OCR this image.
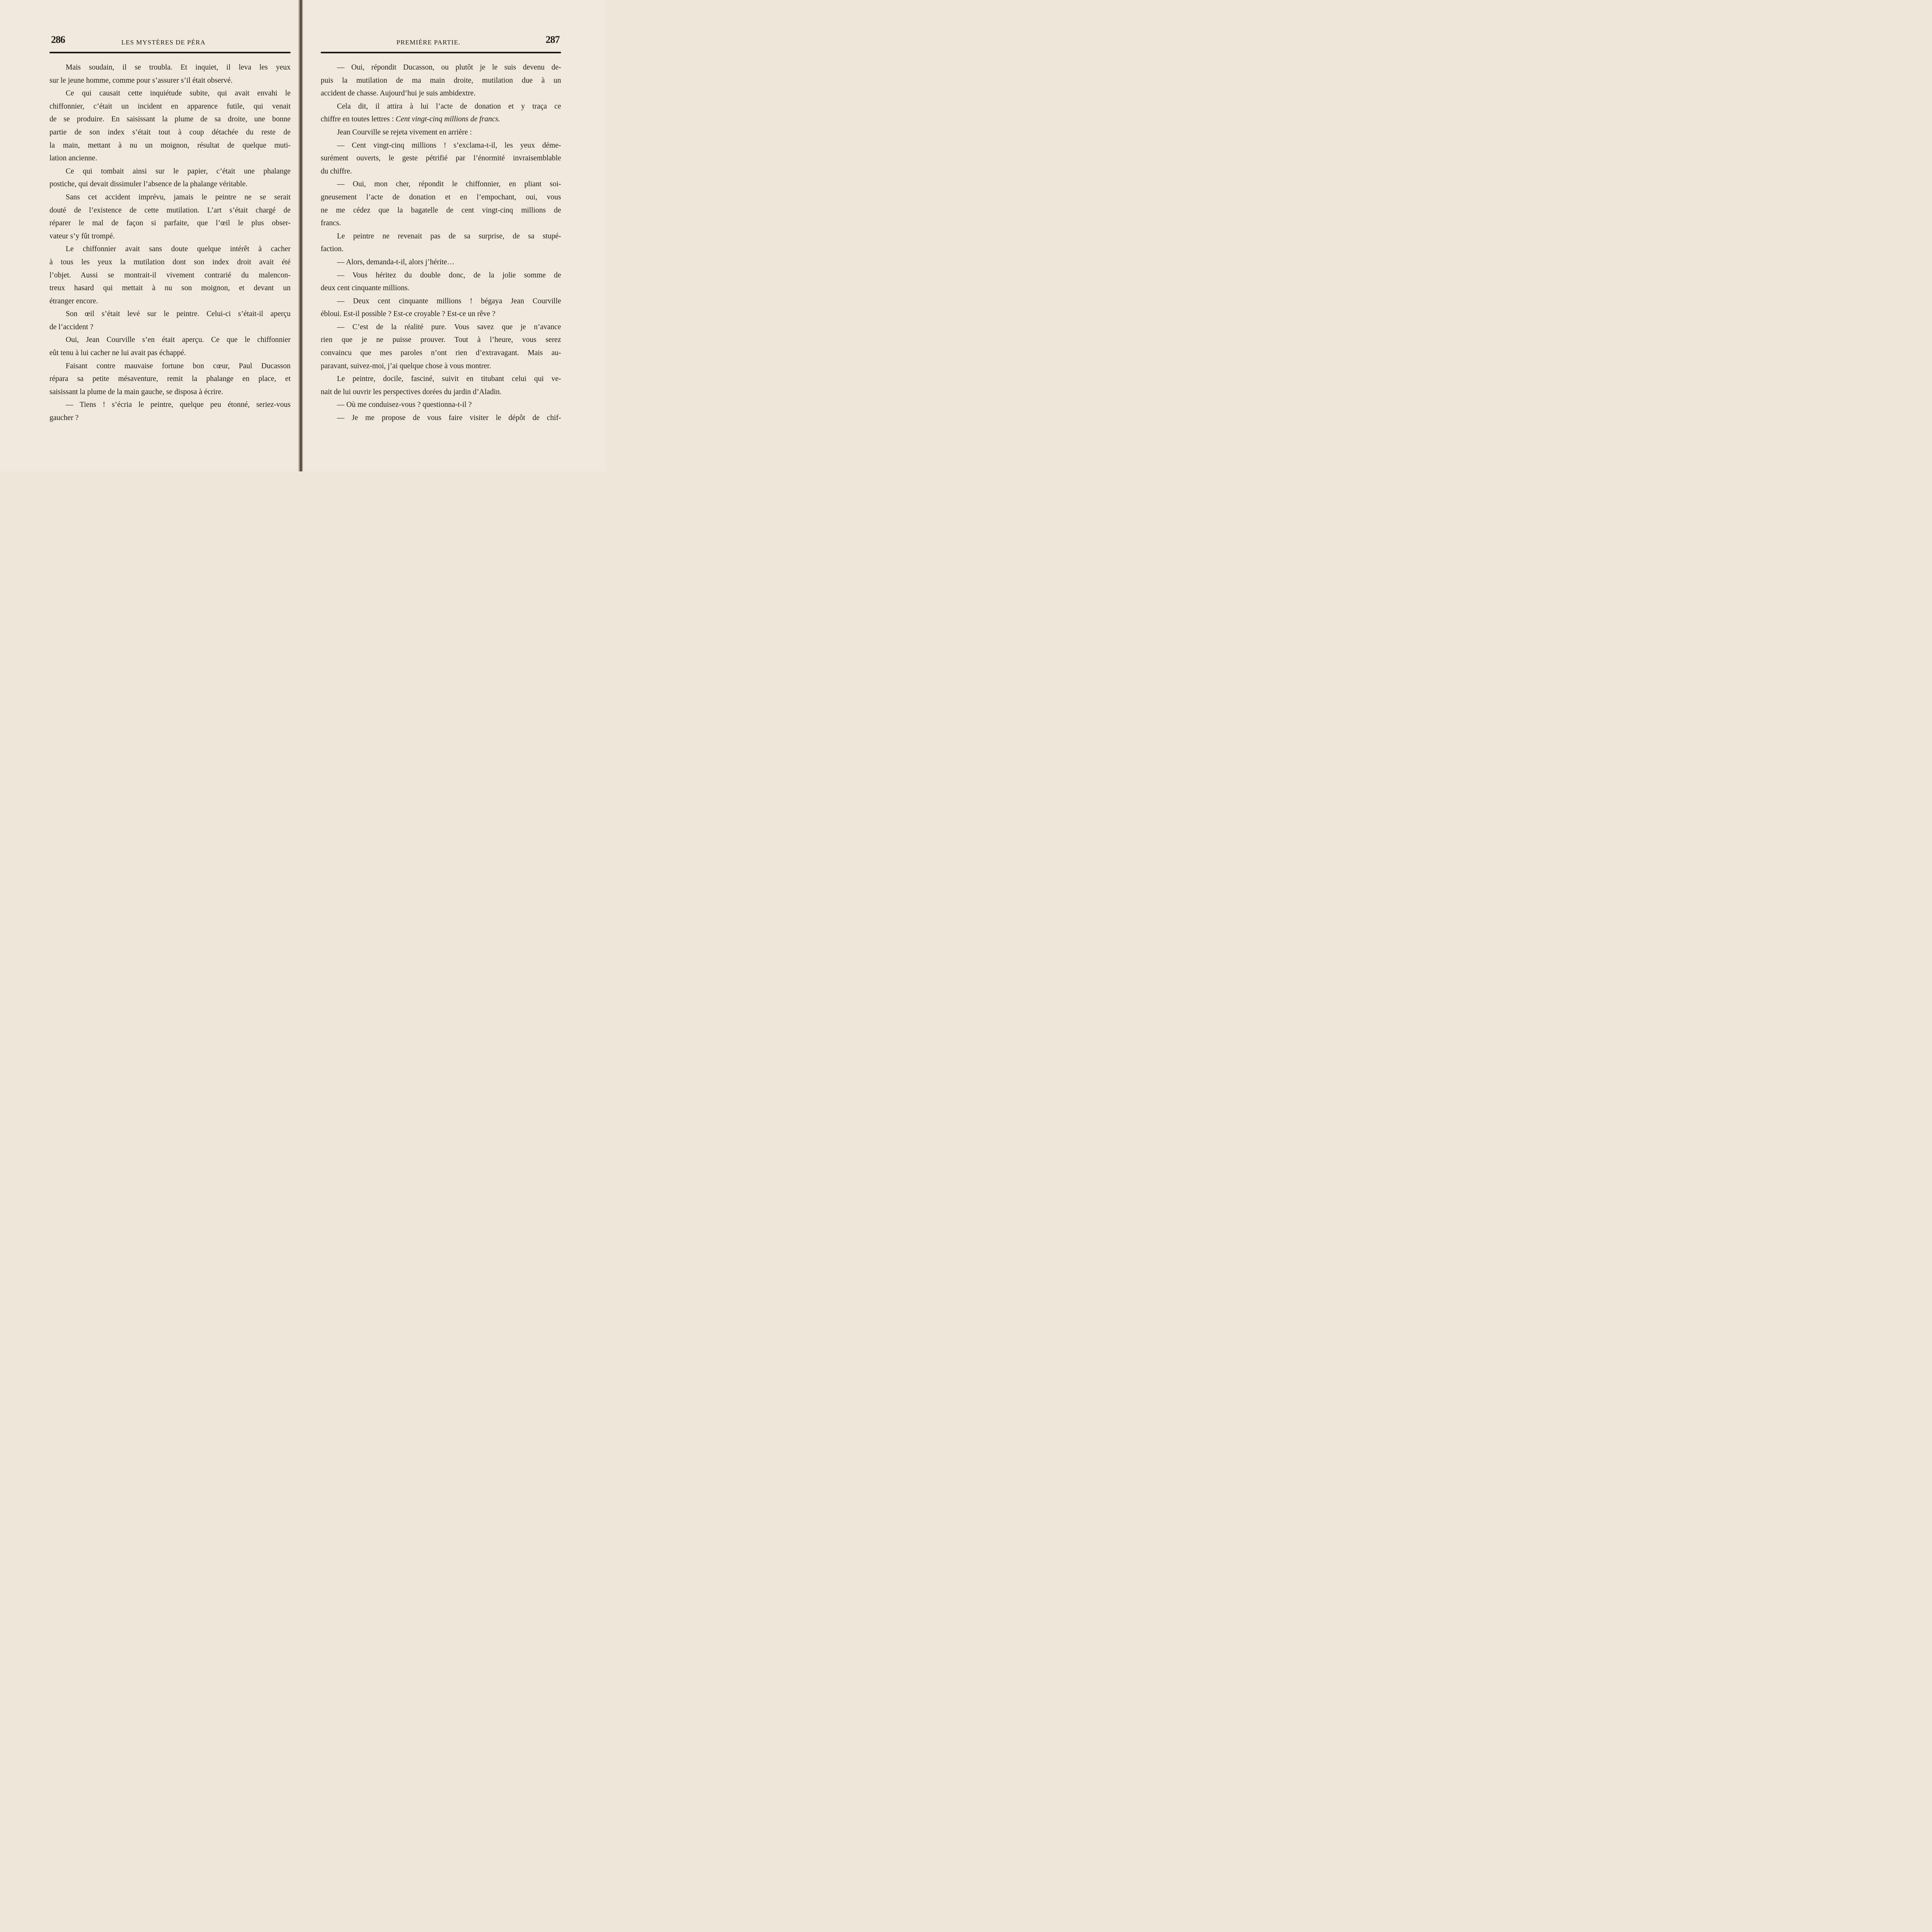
286	LES MYSTÈRES DE PÉRA
Mais soudain, il se troubla. Et inquiet, il leva les yeux
sur le jeune homme, comme pour s’assurer s’il était observé.
Ce qui causait cette inquiétude subite, qui avait envahi le
chiffonnier, c’était un incident en apparence futile, qui venait
de se produire. En saisissant la plume de sa droite, une bonne
partie de son index s’était tout à coup détachée du reste de
la main, mettant à nu un moignon, résultat de quelque muti-
lation ancienne.
Ce qui tombait ainsi sur le papier, c’était une phalange
postiche, qui devait dissimuler l’absence de la phalange véritable.
Sans cet accident imprévu, jamais le peintre ne se serait
douté de l’existence de cette mutilation. L’art s’était chargé de
réparer le mal de façon si parfaite, que l’œil le plus obser-
vateur s’y fût trompé.
Le chiffonnier avait sans doute quelque intérêt à cacher
à tous les yeux la mutilation dont son index droit avait été
l’objet. Aussi se montrait-il vivement contrarié du malencon-
treux hasard qui mettait à nu son moignon, et devant un
étranger encore.
Son œil s’était levé sur le peintre. Celui-ci s’était-il aperçu
de l’accident ?
Oui, Jean Courville s’en était aperçu. Ce que le chiffonnier
eût tenu à lui cacher ne lui avait pas échappé.
Faisant contre mauvaise fortune bon cœur, Paul Ducasson
répara sa petite mésaventure, remit la phalange en place, et
saisissant la plume de la main gauche, se disposa à écrire.
— Tiens ! s’écria le peintre, quelque peu étonné, seriez-vous
gaucher ?
PREMIÈRE PARTIE.	287
— Oui, répondit Ducasson, ou plutôt je le suis devenu de-
puis la mutilation de ma main droite, mutilation due à un
accident de chasse. Aujourd’hui je suis ambidextre.
Cela dit, il attira à lui l’acte de donation et y traça ce
chiffre en toutes lettres : Cent vingt-cinq millions de francs.
Jean Courville se rejeta vivement en arrière :
— Cent vingt-cinq millions ! s’exclama-t-il, les yeux déme-
surément ouverts, le geste pétrifié par l’énormité invraisemblable
du chiffre.
— Oui, mon cher, répondit le chiffonnier, en pliant soi-
gneusement l’acte de donation et en l’empochant, oui, vous
ne me cédez que la bagatelle de cent vingt-cinq millions de
francs.
Le peintre ne revenait pas de sa surprise, de sa stupé-
faction.
— Alors, demanda-t-il, alors j’hérite…
— Vous héritez du double donc, de la jolie somme de
deux cent cinquante millions.
— Deux cent cinquante millions ! bégaya Jean Courville
ébloui. Est-il possible ? Est-ce croyable ? Est-ce un rêve ?
— C’est de la réalité pure. Vous savez que je n’avance
rien que je ne puisse prouver. Tout à l’heure, vous serez
convaincu que mes paroles n’ont rien d’extravagant. Mais au-
paravant, suivez-moi, j’ai quelque chose à vous montrer.
Le peintre, docile, fasciné, suivit en titubant celui qui ve-
nait de lui ouvrir les perspectives dorées du jardin d’Aladin.
— Où me conduisez-vous ? questionna-t-il ?
— Je me propose de vous faire visiter le dépôt de chif-
